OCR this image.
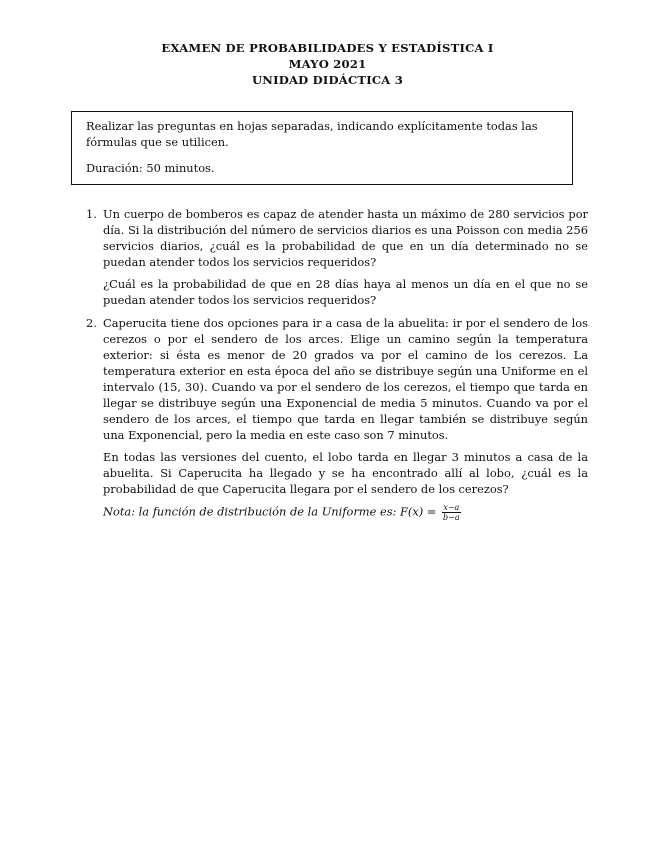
EXAMEN DE PROBABILIDADES Y ESTADÍSTICA I
MAYO 2021
UNIDAD DIDÁCTICA 3

Realizar las preguntas en hojas separadas, indicando explícitamente todas las fórmulas que se utilicen.

Duración: 50 minutos.

1. Un cuerpo de bomberos es capaz de atender hasta un máximo de 280 servicios por día. Si la distribución del número de servicios diarios es una Poisson con media 256 servicios diarios, ¿cuál es la probabilidad de que en un día determinado no se puedan atender todos los servicios requeridos?

¿Cuál es la probabilidad de que en 28 días haya al menos un día en el que no se puedan atender todos los servicios requeridos?

2. Caperucita tiene dos opciones para ir a casa de la abuelita: ir por el sendero de los cerezos o por el sendero de los arces. Elige un camino según la temperatura exterior: si ésta es menor de 20 grados va por el camino de los cerezos. La temperatura exterior en esta época del año se distribuye según una Uniforme en el intervalo (15, 30). Cuando va por el sendero de los cerezos, el tiempo que tarda en llegar se distribuye según una Exponencial de media 5 minutos. Cuando va por el sendero de los arces, el tiempo que tarda en llegar también se distribuye según una Exponencial, pero la media en este caso son 7 minutos.

En todas las versiones del cuento, el lobo tarda en llegar 3 minutos a casa de la abuelita. Si Caperucita ha llegado y se ha encontrado allí al lobo, ¿cuál es la probabilidad de que Caperucita llegara por el sendero de los cerezos?

Nota: la función de distribución de la Uniforme es: $F(x) = \frac{x-a}{b-a}$
